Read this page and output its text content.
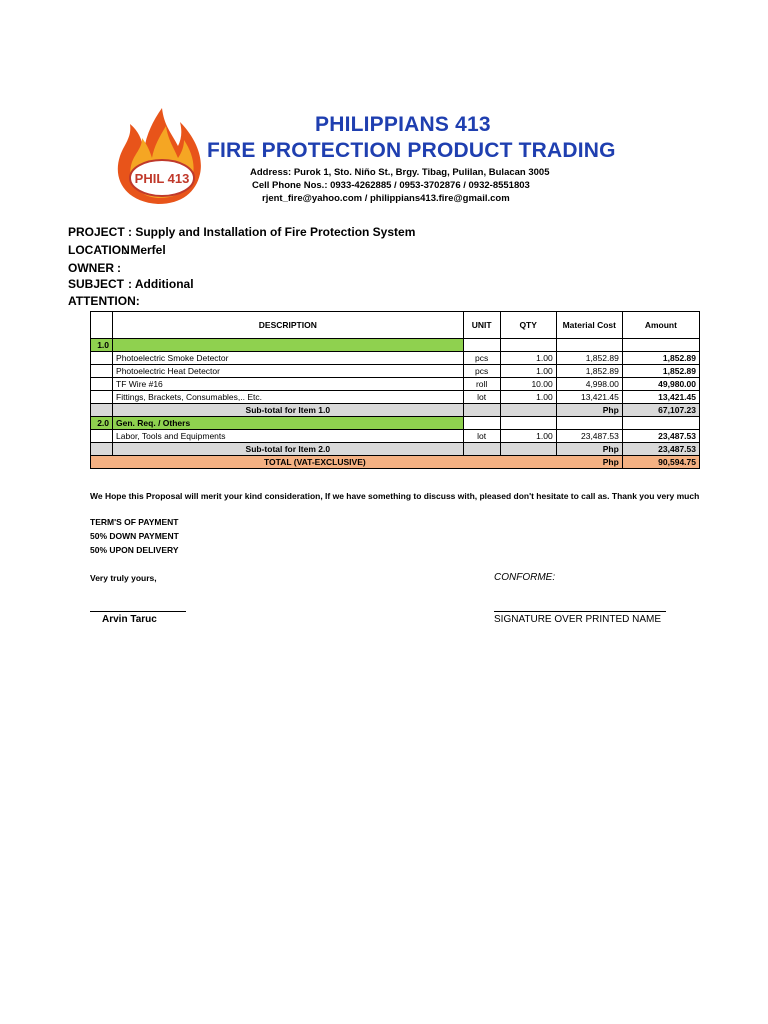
PHIL 413
PHILIPPIANS 413
FIRE PROTECTION PRODUCT TRADING
Address: Purok 1, Sto. Niño St., Brgy. Tibag, Pulilan, Bulacan 3005
Cell Phone Nos.: 0933-4262885 / 0953-3702876 / 0932-8551803
rjent_fire@yahoo.com / philippians413.fire@gmail.com
PROJECT : Supply and Installation of Fire Protection System
LOCATION
: Merfel
OWNER :
SUBJECT : Additional
ATTENTION:
	DESCRIPTION	UNIT	QTY	Material Cost	Amount
1.0					
	Photoelectric Smoke Detector	pcs	1.00	1,852.89	1,852.89
	Photoelectric Heat Detector	pcs	1.00	1,852.89	1,852.89
	TF Wire #16	roll	10.00	4,998.00	49,980.00
	Fittings, Brackets, Consumables,.. Etc.	lot	1.00	13,421.45	13,421.45
	Sub-total for Item 1.0			Php	67,107.23
2.0	Gen. Req. / Others				
	Labor, Tools and Equipments	lot	1.00	23,487.53	23,487.53
	Sub-total for Item 2.0			Php	23,487.53

TOTAL (VAT-EXCLUSIVE) Php					90,594.75
We Hope this Proposal will merit your kind consideration, If we have something to discuss with, pleased don't hesitate to call as. Thank you very much
TERM'S OF PAYMENT
50% DOWN PAYMENT
50% UPON DELIVERY
Very truly yours,	CONFORME:
Arvin Taruc	SIGNATURE OVER PRINTED NAME
